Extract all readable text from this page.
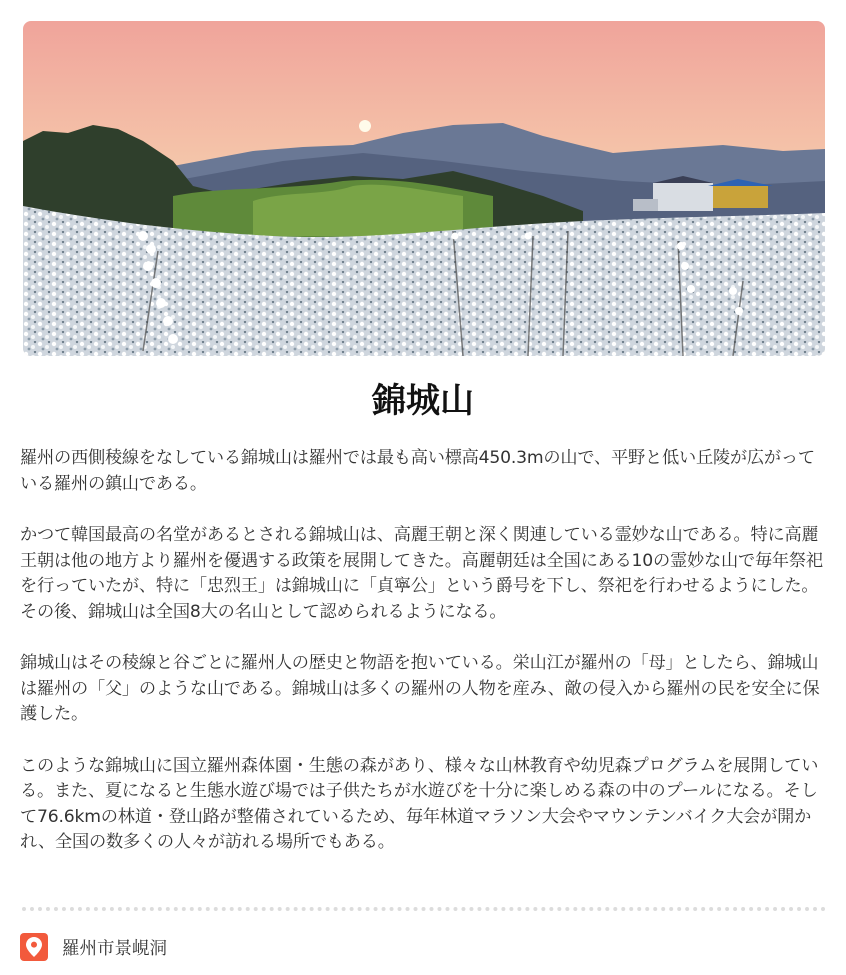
錦城山

羅州の西側稜線をなしている錦城山は羅州では最も高い標高450.3mの山で、平野と低い丘陵が広がっている羅州の鎮山である。

かつて韓国最高の名堂があるとされる錦城山は、高麗王朝と深く関連している霊妙な山である。特に高麗王朝は他の地方より羅州を優遇する政策を展開してきた。高麗朝廷は全国にある10の霊妙な山で毎年祭祀を行っていたが、特に「忠烈王」は錦城山に「貞寧公」という爵号を下し、祭祀を行わせるようにした。その後、錦城山は全国8大の名山として認められるようになる。

錦城山はその稜線と谷ごとに羅州人の歴史と物語を抱いている。栄山江が羅州の「母」としたら、錦城山は羅州の「父」のような山である。錦城山は多くの羅州の人物を産み、敵の侵入から羅州の民を安全に保護した。

このような錦城山に国立羅州森体園・生態の森があり、様々な山林教育や幼児森プログラムを展開している。また、夏になると生態水遊び場では子供たちが水遊びを十分に楽しめる森の中のプールになる。そして76.6kmの林道・登山路が整備されているため、毎年林道マラソン大会やマウンテンバイク大会が開かれ、全国の数多くの人々が訪れる場所でもある。

羅州市景峴洞
